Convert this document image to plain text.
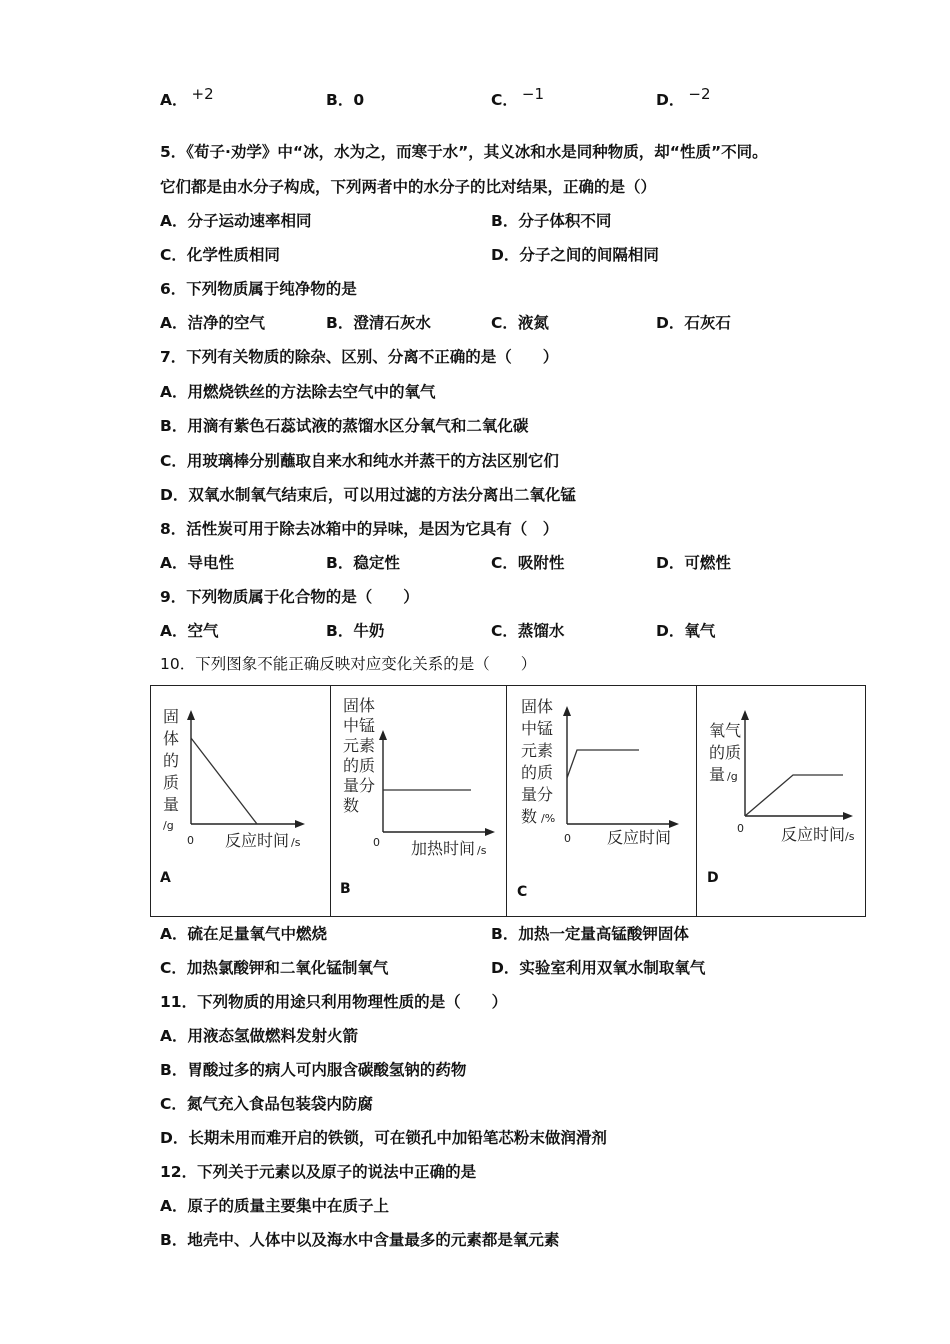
A． +2	B．0	C． −1	D． −2
5．《荀子·劝学》中“冰，水为之，而寒于水”，其义冰和水是同种物质，却“性质”不同。
它们都是由水分子构成，下列两者中的水分子的比对结果，正确的是（）
A．分子运动速率相同	B．分子体积不同
C．化学性质相同	D．分子之间的间隔相同
6．下列物质属于纯净物的是
A．洁净的空气	B．澄清石灰水	C．液氮	D．石灰石
7．下列有关物质的除杂、区别、分离不正确的是（　　）
A．用燃烧铁丝的方法除去空气中的氧气
B．用滴有紫色石蕊试液的蒸馏水区分氧气和二氧化碳
C．用玻璃棒分别蘸取自来水和纯水并蒸干的方法区别它们
D．双氧水制氧气结束后，可以用过滤的方法分离出二氧化锰
8．活性炭可用于除去冰箱中的异味，是因为它具有（　）
A．导电性	B．稳定性	C．吸附性	D．可燃性
9．下列物质属于化合物的是（　　）
A．空气	B．牛奶	C．蒸馏水	D．氧气
10．下列图象不能正确反映对应变化关系的是（　　）
固
体
的
质
量
/g
0 反应时间 /s
A
固体
中锰
元素
的质
量分
数
0 加热时间 /s
B
固体
中锰
元素
的质
量分
数 /%
0 反应时间
C
氧气
的质
量 /g
0 反应时间 /s
D
A．硫在足量氧气中燃烧	B．加热一定量高锰酸钾固体
C．加热氯酸钾和二氧化锰制氧气	D．实验室利用双氧水制取氧气
11．下列物质的用途只利用物理性质的是（　　）
A．用液态氢做燃料发射火箭
B．胃酸过多的病人可内服含碳酸氢钠的药物
C．氮气充入食品包装袋内防腐
D．长期未用而难开启的铁锁，可在锁孔中加铅笔芯粉末做润滑剂
12．下列关于元素以及原子的说法中正确的是
A．原子的质量主要集中在质子上
B．地壳中、人体中以及海水中含量最多的元素都是氧元素
